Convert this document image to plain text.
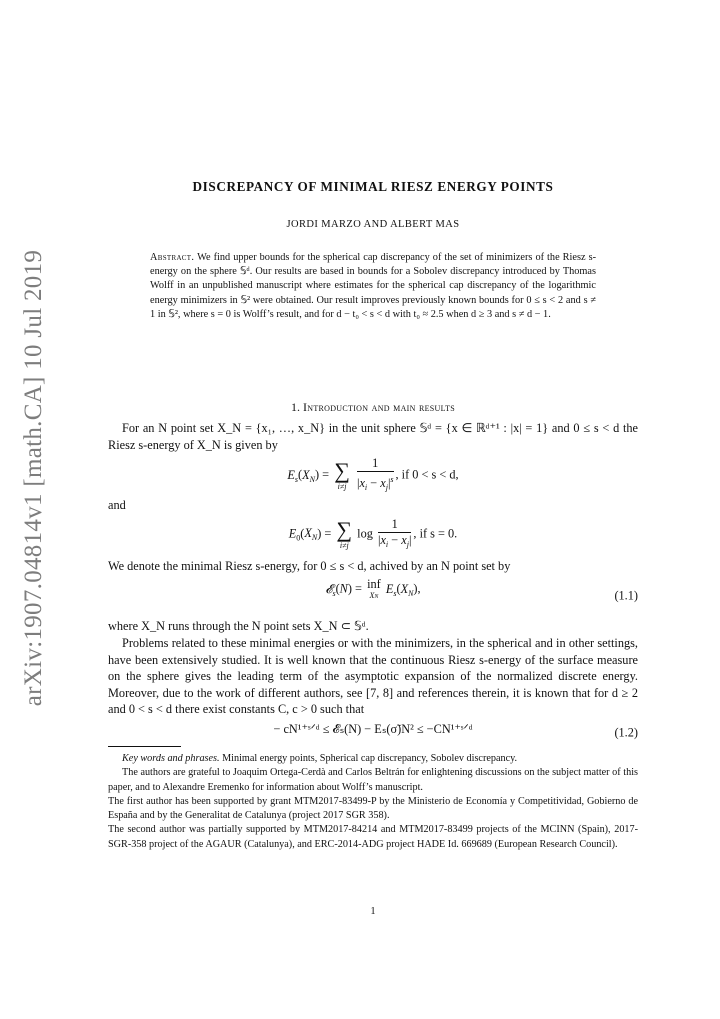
arXiv:1907.04814v1 [math.CA] 10 Jul 2019
DISCREPANCY OF MINIMAL RIESZ ENERGY POINTS
JORDI MARZO AND ALBERT MAS
Abstract. We find upper bounds for the spherical cap discrepancy of the set of minimizers of the Riesz s-energy on the sphere 𝕊ᵈ. Our results are based in bounds for a Sobolev discrepancy introduced by Thomas Wolff in an unpublished manuscript where estimates for the spherical cap discrepancy of the logarithmic energy minimizers in 𝕊² were obtained. Our result improves previously known bounds for 0 ≤ s < 2 and s ≠ 1 in 𝕊², where s = 0 is Wolff’s result, and for d − t₀ < s < d with t₀ ≈ 2.5 when d ≥ 3 and s ≠ d − 1.
1. Introduction and main results

For an N point set X_N = {x₁, …, x_N} in the unit sphere 𝕊ᵈ = {x ∈ ℝᵈ⁺¹ : |x| = 1} and 0 ≤ s < d the Riesz s-energy of X_N is given by

$E_s(X_N)$ = ∑
i≠j
$\frac{1}{|x_i - x_j|^s}$ , if 0 < s < d,

and

$E_0(X_N)$ = ∑
i≠j
$\log \frac{1}{|x_i - x_j|}$ , if s = 0.

We denote the minimal Riesz s-energy, for 0 ≤ s < d, achived by an N point set by

𝓔$_s$(N) = inf
XN
$E_s(X_N)$,
(1.1)

where X_N runs through the N point sets X_N ⊂ 𝕊ᵈ.

Problems related to these minimal energies or with the minimizers, in the spherical and in other settings, have been extensively studied. It is well known that the continuous Riesz s-energy of the surface measure on the sphere gives the leading term of the asymptotic expansion of the normalized discrete energy. Moreover, due to the work of different authors, see [7, 8] and references therein, it is known that for d ≥ 2 and 0 < s < d there exist constants C, c > 0 such that

− cN¹⁺ˢᐟᵈ ≤ 𝓔ₛ(N) − Eₛ(σ̃)N² ≤ −CN¹⁺ˢᐟᵈ	(1.2)

Key words and phrases. Minimal energy points, Spherical cap discrepancy, Sobolev discrepancy.

The authors are grateful to Joaquim Ortega-Cerdà and Carlos Beltrán for enlightening discussions on the subject matter of this paper, and to Alexandre Eremenko for information about Wolff’s manuscript.

The first author has been supported by grant MTM2017-83499-P by the Ministerio de Economía y Competitividad, Gobierno de España and by the Generalitat de Catalunya (project 2017 SGR 358).

The second author was partially supported by MTM2017-84214 and MTM2017-83499 projects of the MCINN (Spain), 2017-SGR-358 project of the AGAUR (Catalunya), and ERC-2014-ADG project HADE Id. 669689 (European Research Council).

1
